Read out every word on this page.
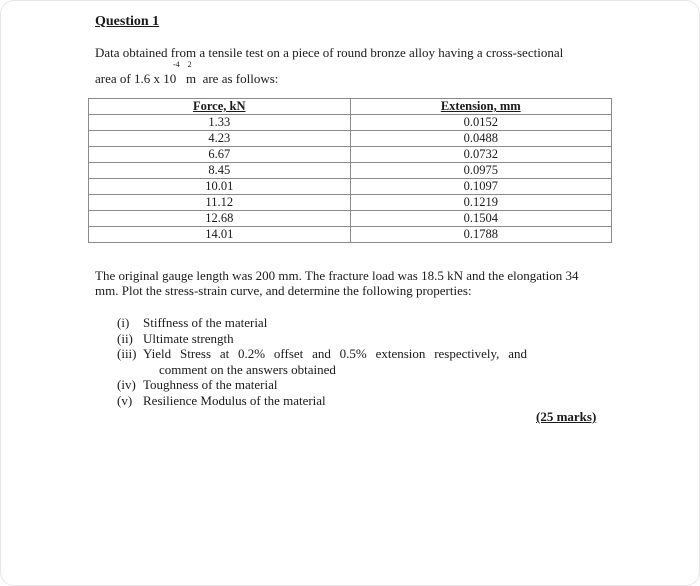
Question 1
Data obtained from a tensile test on a piece of round bronze alloy having a cross-sectional
-4 2
area of 1.6 x 10   m  are as follows:
Force, kN	Extension, mm
1.33	0.0152
4.23	0.0488
6.67	0.0732
8.45	0.0975
10.01	0.1097
11.12	0.1219
12.68	0.1504
14.01	0.1788
The original gauge length was 200 mm. The fracture load was 18.5 kN and the elongation 34 mm. Plot the stress-strain curve, and determine the following properties:
(i)	Stiffness of the material
(ii) Ultimate strength
(iii) Yield Stress at 0.2% offset and 0.5% extension respectively, and
comment on the answers obtained
(iv) Toughness of the material
(v) Resilience Modulus of the material
(25 marks)
